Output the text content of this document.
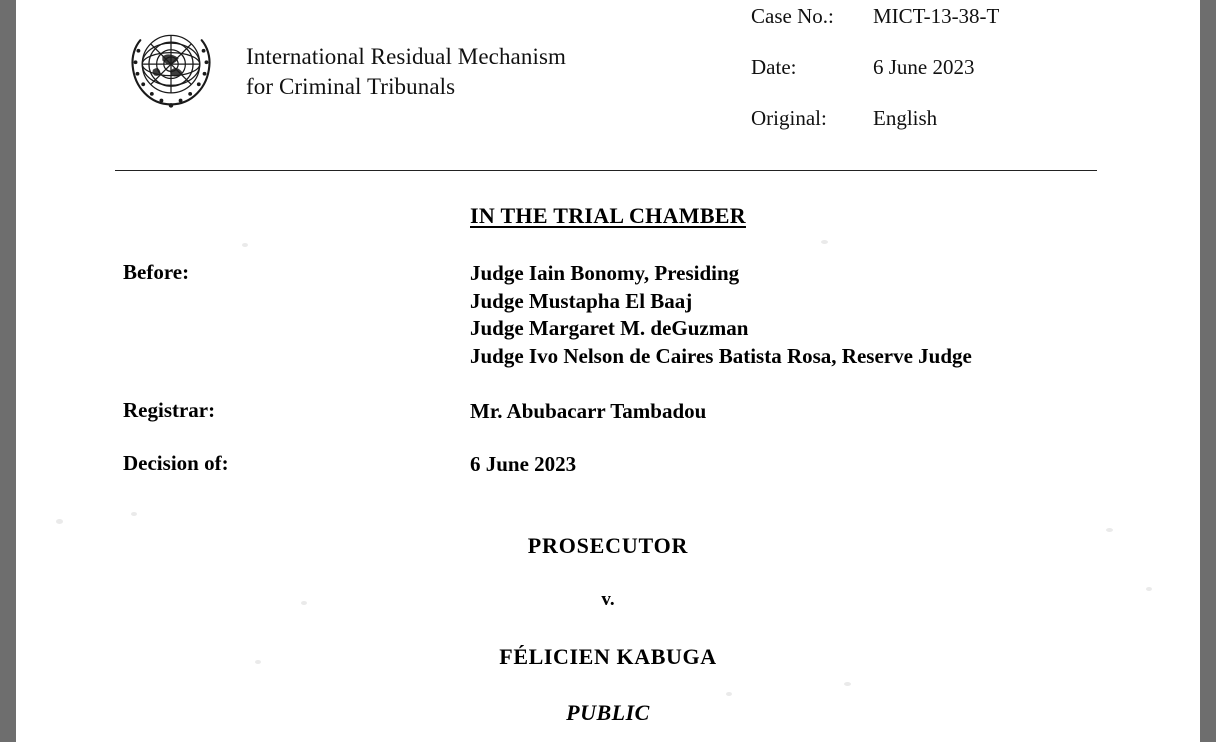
International Residual Mechanism
for Criminal Tribunals
Case No.:	MICT-13-38-T
Date:	6 June 2023
Original:	English
IN THE TRIAL CHAMBER
Before:	Judge Iain Bonomy, Presiding
Judge Mustapha El Baaj
Judge Margaret M. deGuzman
Judge Ivo Nelson de Caires Batista Rosa, Reserve Judge
Registrar:	Mr. Abubacarr Tambadou
Decision of:	6 June 2023
PROSECUTOR
v.
FÉLICIEN KABUGA
PUBLIC
